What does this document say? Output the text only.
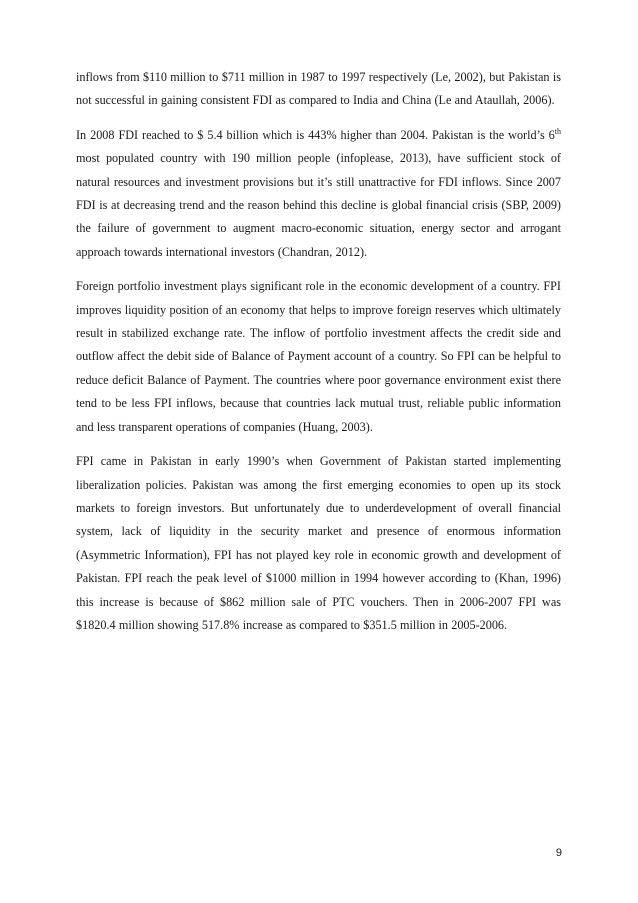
inflows from $110 million to $711 million in 1987 to 1997 respectively (Le, 2002), but Pakistan is not successful in gaining consistent FDI as compared to India and China (Le and Ataullah, 2006).

In 2008 FDI reached to $ 5.4 billion which is 443% higher than 2004. Pakistan is the world’s 6th most populated country with 190 million people (infoplease, 2013), have sufficient stock of natural resources and investment provisions but it’s still unattractive for FDI inflows. Since 2007 FDI is at decreasing trend and the reason behind this decline is global financial crisis (SBP, 2009) the failure of government to augment macro-economic situation, energy sector and arrogant approach towards international investors (Chandran, 2012).

Foreign portfolio investment plays significant role in the economic development of a country. FPI improves liquidity position of an economy that helps to improve foreign reserves which ultimately result in stabilized exchange rate. The inflow of portfolio investment affects the credit side and outflow affect the debit side of Balance of Payment account of a country. So FPI can be helpful to reduce deficit Balance of Payment. The countries where poor governance environment exist there tend to be less FPI inflows, because that countries lack mutual trust, reliable public information and less transparent operations of companies (Huang, 2003).

FPI came in Pakistan in early 1990’s when Government of Pakistan started implementing liberalization policies. Pakistan was among the first emerging economies to open up its stock markets to foreign investors. But unfortunately due to underdevelopment of overall financial system, lack of liquidity in the security market and presence of enormous information (Asymmetric Information), FPI has not played key role in economic growth and development of Pakistan. FPI reach the peak level of $1000 million in 1994 however according to (Khan, 1996) this increase is because of $862 million sale of PTC vouchers. Then in 2006-2007 FPI was $1820.4 million showing 517.8% increase as compared to $351.5 million in 2005-2006.

9
